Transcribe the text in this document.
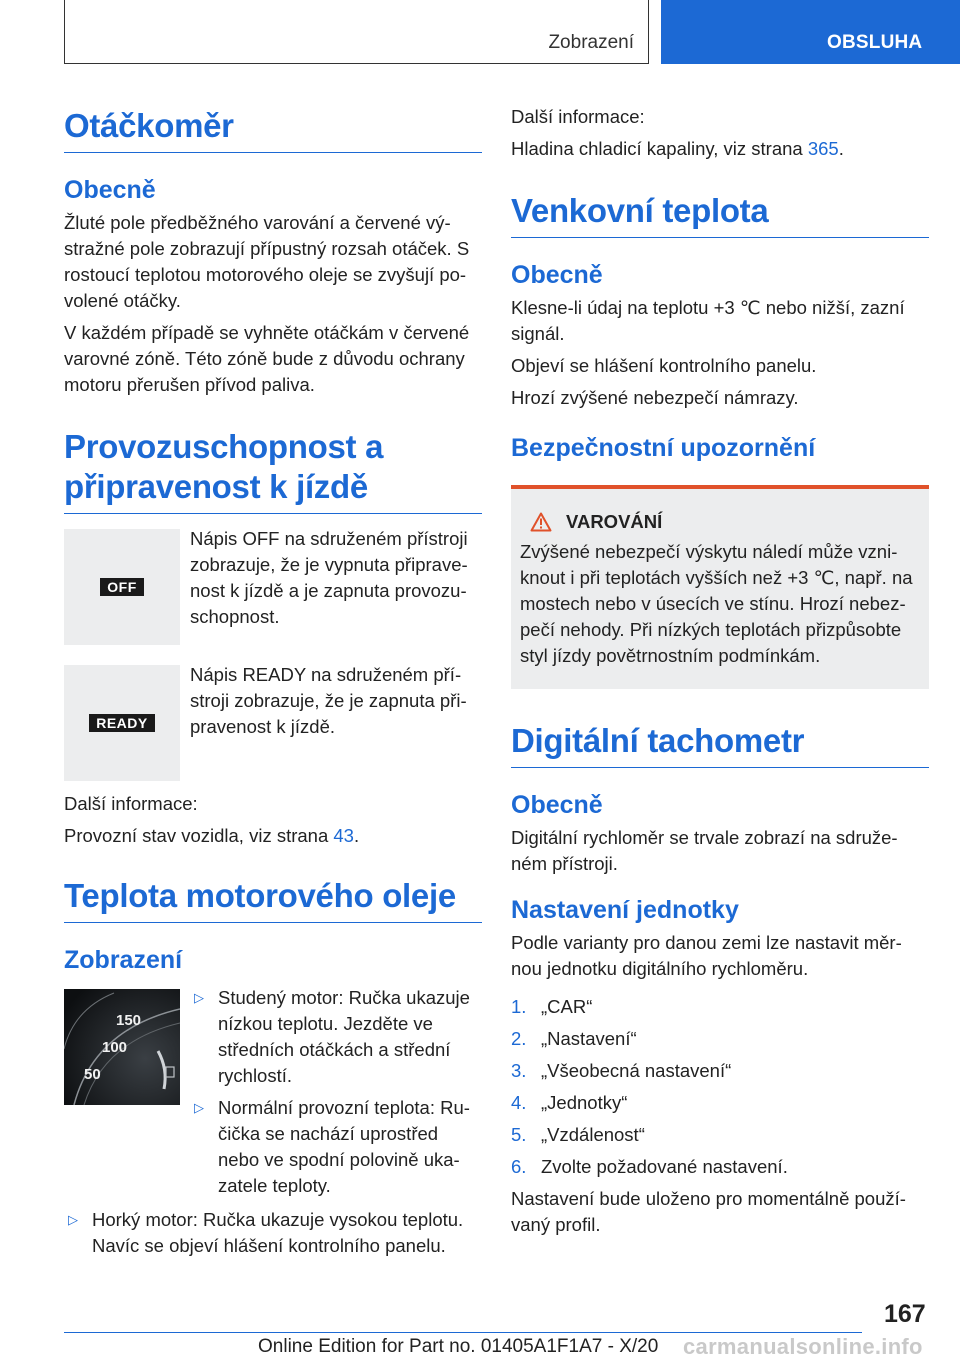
Zobrazení	OBSLUHA
Otáčkoměr
Obecně

Žluté pole předběžného varování a červené vý-stražné pole zobrazují přípustný rozsah otáček. S rostoucí teplotou motorového oleje se zvyšují po-volené otáčky.

V každém případě se vyhněte otáčkám v červené varovné zóně. Této zóně bude z důvodu ochrany motoru přerušen přívod paliva.

Provozuschopnost a připravenost k jízdě
OFF

Nápis OFF na sdruženém přístroji zobrazuje, že je vypnuta připrave-nost k jízdě a je zapnuta provozu-schopnost.

READY

Nápis READY na sdruženém pří-stroji zobrazuje, že je zapnuta při-pravenost k jízdě.

Další informace:

Provozní stav vozidla, viz strana 43.

Teplota motorového oleje
Zobrazení
150
100
50
▷ Studený motor: Ručka ukazuje nízkou teplotu. Jezděte ve středních otáčkách a střední rychlostí.
▷ Normální provozní teplota: Ru-čička se nachází uprostřed nebo ve spodní polovině uka-zatele teploty.
▷ Horký motor: Ručka ukazuje vysokou teplotu. Navíc se objeví hlášení kontrolního panelu.

Další informace:

Hladina chladicí kapaliny, viz strana 365.

Venkovní teplota
Obecně

Klesne-li údaj na teplotu +3 ℃ nebo nižší, zazní signál.

Objeví se hlášení kontrolního panelu.

Hrozí zvýšené nebezpečí námrazy.

Bezpečnostní upozornění
VAROVÁNÍ

Zvýšené nebezpečí výskytu náledí může vzni-knout i při teplotách vyšších než +3 ℃, např. na mostech nebo v úsecích ve stínu. Hrozí nebez-pečí nehody. Při nízkých teplotách přizpůsobte styl jízdy povětrnostním podmínkám.

Digitální tachometr
Obecně

Digitální rychloměr se trvale zobrazí na sdruže-ném přístroji.

Nastavení jednotky

Podle varianty pro danou zemi lze nastavit měr-nou jednotku digitálního rychloměru.

1. „CAR“
2. „Nastavení“
3. „Všeobecná nastavení“
4. „Jednotky“
5. „Vzdálenost“
6. Zvolte požadované nastavení.

Nastavení bude uloženo pro momentálně použí-vaný profil.

167
Online Edition for Part no. 01405A1F1A7 - X/20 carmanualsonline.info
